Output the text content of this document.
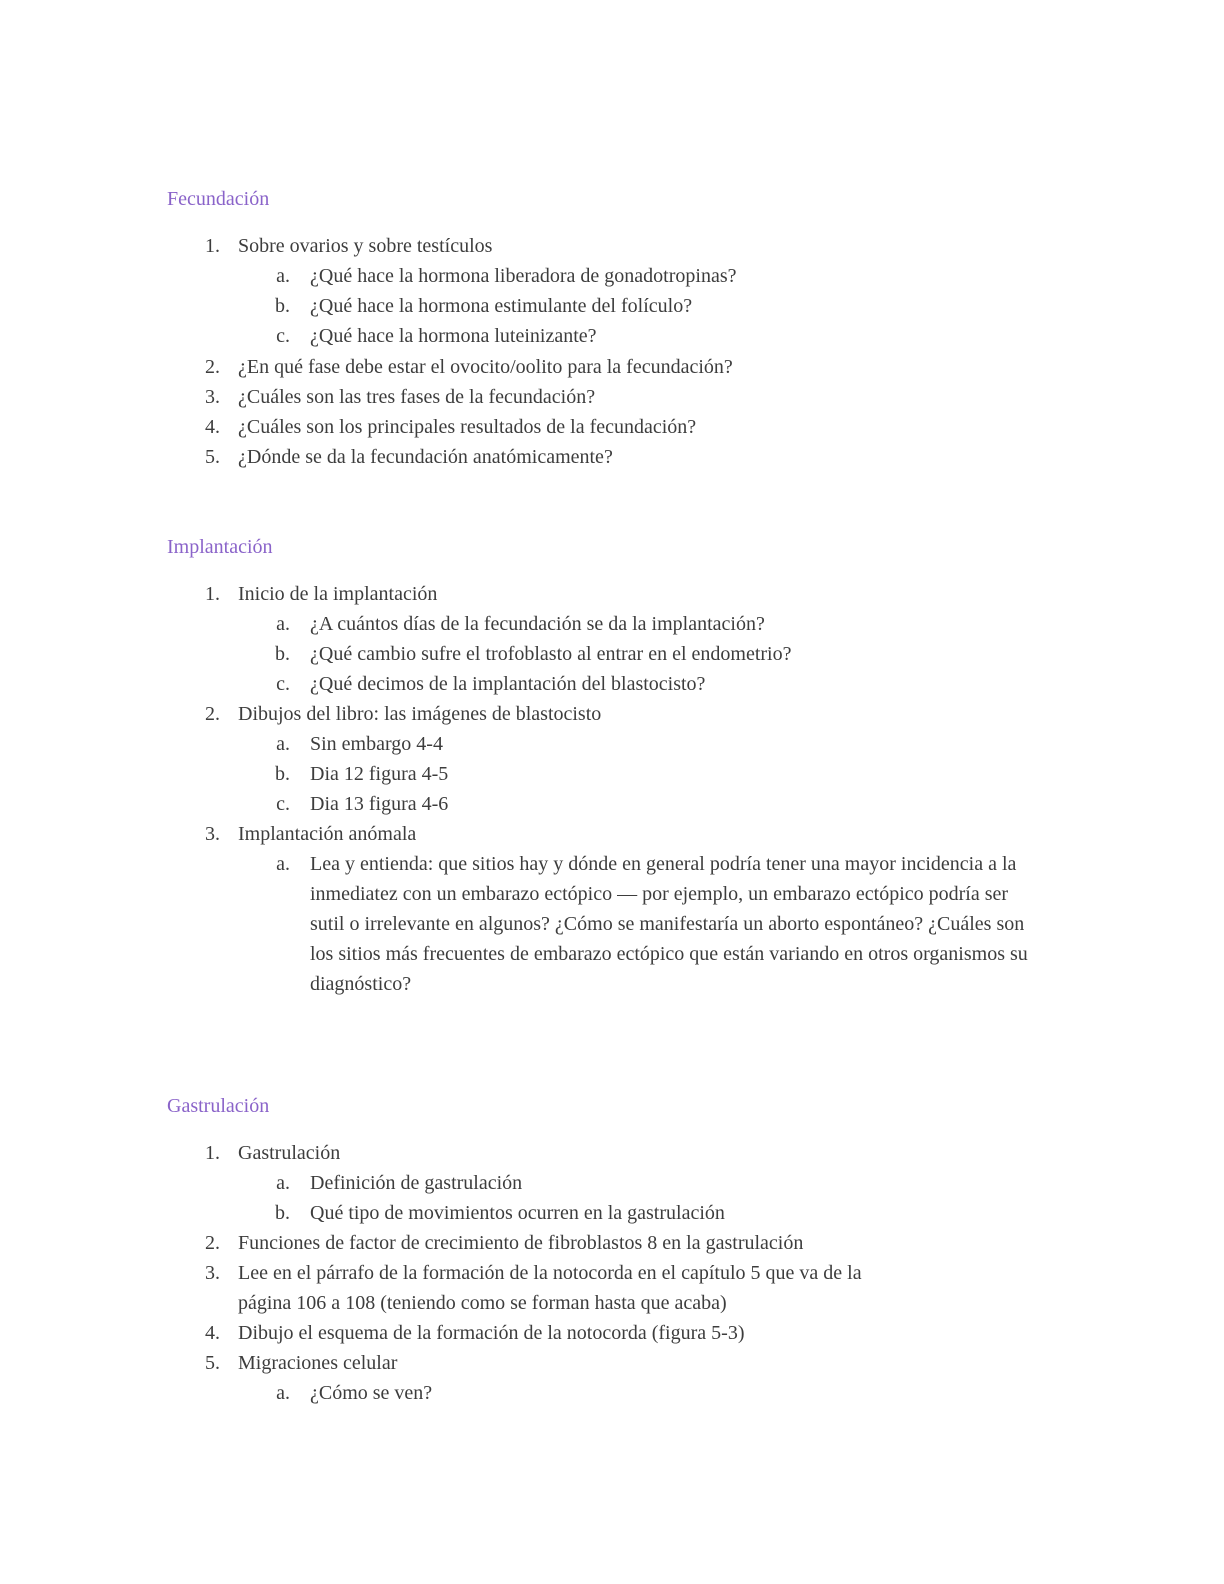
Fecundación
1. Sobre ovarios y sobre testículos
a. ¿Qué hace la hormona liberadora de gonadotropinas?
b. ¿Qué hace la hormona estimulante del folículo?
c. ¿Qué hace la hormona luteinizante?
2. ¿En qué fase debe estar el ovocito/oolito para la fecundación?
3. ¿Cuáles son las tres fases de la fecundación?
4. ¿Cuáles son los principales resultados de la fecundación?
5. ¿Dónde se da la fecundación anatómicamente?
Implantación
1. Inicio de la implantación
a. ¿A cuántos días de la fecundación se da la implantación?
b. ¿Qué cambio sufre el trofoblasto al entrar en el endometrio?
c. ¿Qué decimos de la implantación del blastocisto?
2. Dibujos del libro: las imágenes de blastocisto
a. Sin embargo 4-4
b. Dia 12 figura 4-5
c. Dia 13 figura 4-6
3. Implantación anómala
a. Lea y entienda: que sitios hay y dónde en general podría tener una mayor incidencia a la inmediatez con un embarazo ectópico — por ejemplo, un embarazo ectópico podría ser sutil o irrelevante en algunos? ¿Cómo se manifestaría un aborto espontáneo? ¿Cuáles son los sitios más frecuentes de embarazo ectópico que están variando en otros organismos su diagnóstico?
Gastrulación
1. Gastrulación
a. Definición de gastrulación
b. Qué tipo de movimientos ocurren en la gastrulación
2. Funciones de factor de crecimiento de fibroblastos 8 en la gastrulación
3. Lee en el párrafo de la formación de la notocorda en el capítulo 5 que va de la
página 106 a 108 (teniendo como se forman hasta que acaba)
4. Dibujo el esquema de la formación de la notocorda (figura 5-3)
5. Migraciones celular
a. ¿Cómo se ven?
